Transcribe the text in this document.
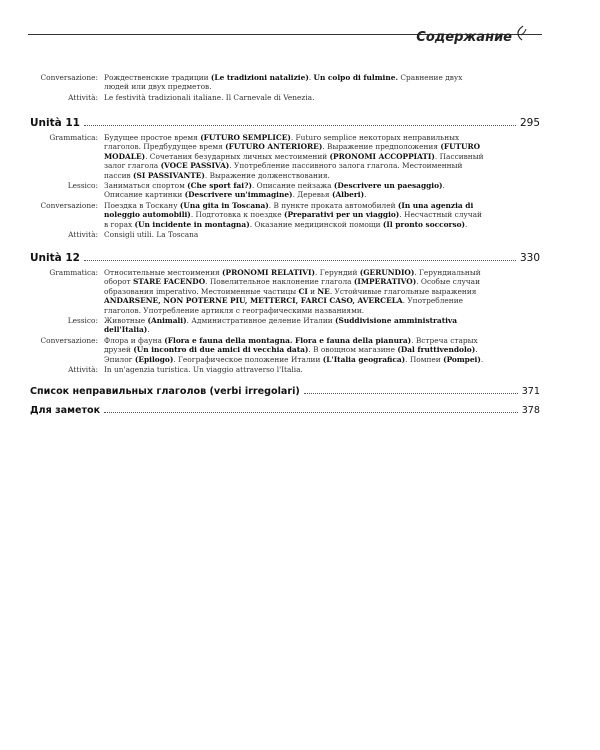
Содержание
Conversazione: Рождественские традиции (Le tradizioni natalizie). Un colpo di fulmine. Сравнение двух людей или двух предметов.
Attività: Le festività tradizionali italiane. Il Carnevale di Venezia.
Unità 11	295
Grammatica: Будущее простое время (FUTURO SEMPLICE). Futuro semplice некоторых неправильных глаголов. Предбудущее время (FUTURO ANTERIORE). Выражение предположения (FUTURO MODALE). Сочетания безударных личных местоимений (PRONOMI ACCOPPIATI). Пассивный залог глагола (VOCE PASSIVA). Употребление пассивного залога глагола. Местоименный пассив (SI PASSIVANTE). Выражение долженствования.
Lessico: Заниматься спортом (Che sport fai?). Описание пейзажа (Descrivere un paesaggio). Описание картинки (Descrivere un'immagine). Деревья (Alberi).
Conversazione: Поездка в Тоскану (Una gita in Toscana). В пункте проката автомобилей (In una agenzia di noleggio automobili). Подготовка к поездке (Preparativi per un viaggio). Несчастный случай в горах (Un incidente in montagna). Оказание медицинской помощи (Il pronto soccorso).
Attività: Consigli utili. La Toscana
Unità 12	330
Grammatica: Относительные местоимения (PRONOMI RELATIVI). Герундий (GERUNDIO). Герундиальный оборот STARE FACENDO. Повелительное наклонение глагола (IMPERATIVO). Особые случаи образования imperativo. Местоименные частицы CI и NE. Устойчивые глагольные выражения ANDARSENE, NON POTERNE PIU, METTERCI, FARCI CASO, AVERCELA. Употребление глаголов. Употребление артикля с географическими названиями.
Lessico: Животные (Animali). Административное деление Италии (Suddivisione amministrativa dell'Italia).
Conversazione: Флора и фауна (Flora e fauna della montagna. Flora e fauna della pianura). Встреча старых друзей (Un incontro di due amici di vecchia data). В овощном магазине (Dal fruttivendolo). Эпилог (Epilogo). Географическое положение Италии (L'Italia geografica). Помпеи (Pompei).
Attività: In un'agenzia turistica. Un viaggio attraverso l'Italia.
Список неправильных глаголов (verbi irregolari)	371
Для заметок	378
